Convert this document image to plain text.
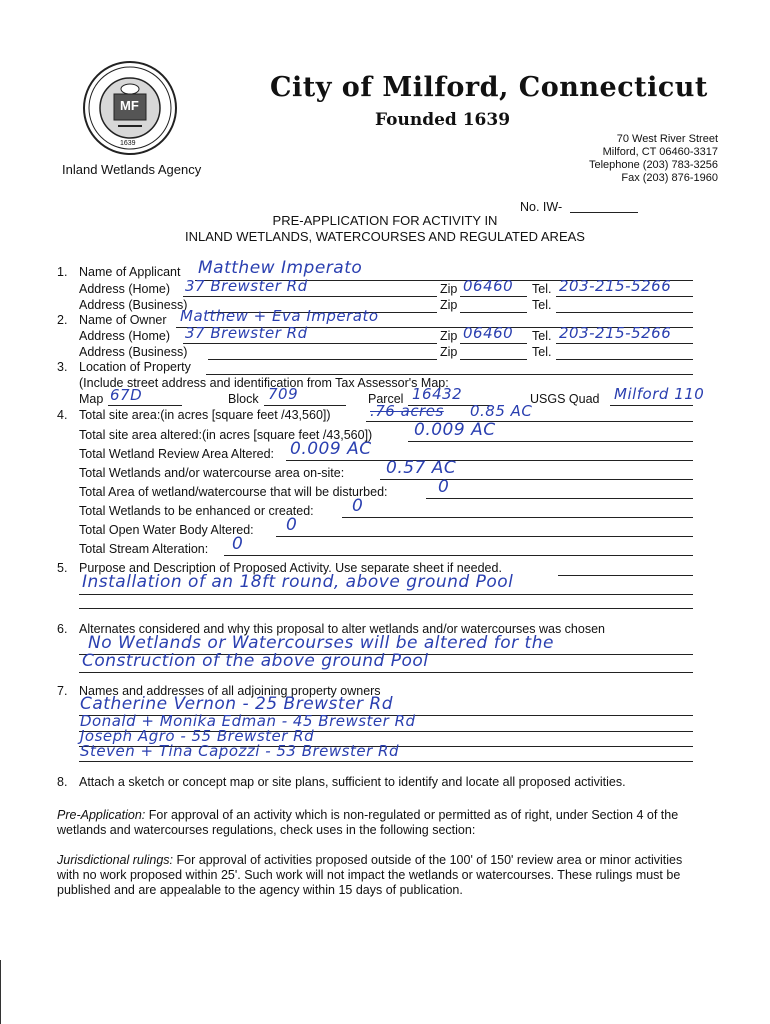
MF
1639
City of Milford, Connecticut
Founded 1639
Inland Wetlands Agency
70 West River Street
Milford, CT 06460-3317
Telephone (203) 783-3256
Fax (203) 876-1960
No. IW-
PRE-APPLICATION FOR ACTIVITY IN
INLAND WETLANDS, WATERCOURSES AND REGULATED AREAS
1. Name of Applicant Matthew Imperato
Address (Home) 37 Brewster Rd	Zip 06460 Tel. 203-215-5266
Address (Business)	Zip	Tel.
2. Name of Owner Matthew + Eva Imperato
Address (Home) 37 Brewster Rd	Zip 06460 Tel. 203-215-5266
Address (Business)	Zip	Tel.
3. Location of Property
(Include street address and identification from Tax Assessor's Map:
Map 67D	Block 709	Parcel 16432	USGS Quad Milford 110
4. Total site area:(in acres [square feet /43,560])	.76 acres 0.85 AC
Total site area altered:(in acres [square feet /43,560]) 0.009 AC
Total Wetland Review Area Altered: 0.009 AC
Total Wetlands and/or watercourse area on-site: 0.57 AC
Total Area of wetland/watercourse that will be disturbed:	0
Total Wetlands to be enhanced or created: 0
Total Open Water Body Altered: 0
Total Stream Alteration: 0
5. Purpose and Description of Proposed Activity. Use separate sheet if needed.
Installation of an 18ft round, above ground Pool
6. Alternates considered and why this proposal to alter wetlands and/or watercourses was chosen
No Wetlands or Watercourses will be altered for the
Construction of the above ground Pool
7. Names and addresses of all adjoining property owners
Catherine Vernon - 25 Brewster Rd
Donald + Monika Edman - 45 Brewster Rd
Joseph Agro - 55 Brewster Rd
Steven + Tina Capozzi - 53 Brewster Rd
8. Attach a sketch or concept map or site plans, sufficient to identify and locate all proposed activities.
Pre-Application: For approval of an activity which is non-regulated or permitted as of right, under Section 4 of the wetlands and watercourses regulations, check uses in the following section:
Jurisdictional rulings: For approval of activities proposed outside of the 100' of 150' review area or minor activities with no work proposed within 25'. Such work will not impact the wetlands or watercourses. These rulings must be published and are appealable to the agency within 15 days of publication.
